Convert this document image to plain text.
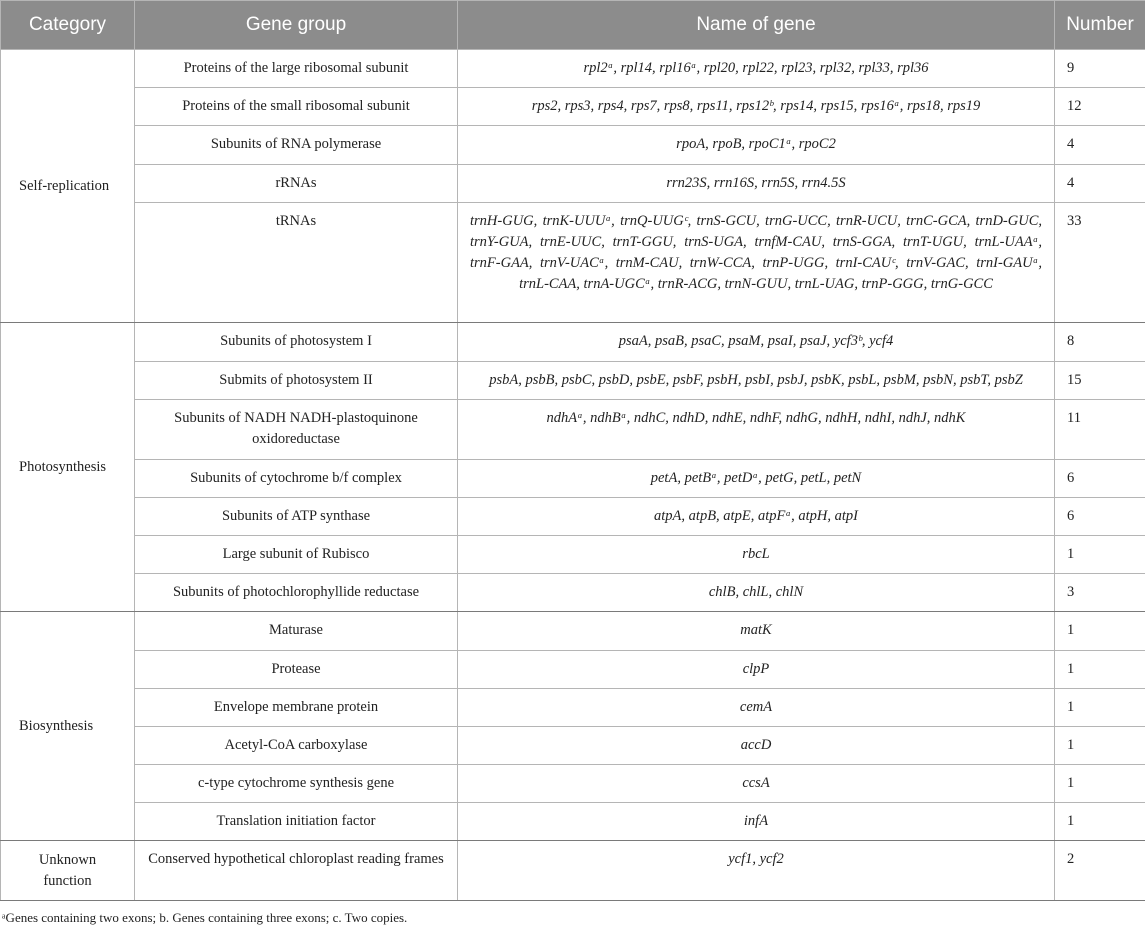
Category	Gene group	Name of gene	Number
Self-replication	Proteins of the large ribosomal subunit	rpl2ᵃ, rpl14, rpl16ᵃ, rpl20, rpl22, rpl23, rpl32, rpl33, rpl36	9

	Proteins of the small ribosomal subunit	rps2, rps3, rps4, rps7, rps8, rps11, rps12ᵇ, rps14, rps15, rps16ᵃ, rps18, rps19	12

	Subunits of RNA polymerase	rpoA, rpoB, rpoC1ᵃ, rpoC2	4

	rRNAs	rrn23S, rrn16S, rrn5S, rrn4.5S	4

	tRNAs	trnH-GUG, trnK-UUUᵃ, trnQ-UUGᶜ, trnS-GCU, trnG-UCC, trnR-UCU, trnC-GCA, trnD-GUC, trnY-GUA, trnE-UUC, trnT-GGU, trnS-UGA, trnfM-CAU, trnS-GGA, trnT-UGU, trnL-UAAᵃ, trnF-GAA, trnV-UACᵃ, trnM-CAU, trnW-CCA, trnP-UGG, trnI-CAUᶜ, trnV-GAC, trnI-GAUᵃ, trnL-CAA, trnA-UGCᵃ, trnR-ACG, trnN-GUU, trnL-UAG, trnP-GGG, trnG-GCC	33

Photosynthesis	Subunits of photosystem I	psaA, psaB, psaC, psaM, psaI, psaJ, ycf3ᵇ, ycf4	8

	Submits of photosystem II	psbA, psbB, psbC, psbD, psbE, psbF, psbH, psbI, psbJ, psbK, psbL, psbM, psbN, psbT, psbZ	15

	Subunits of NADH NADH-plastoquinone oxidoreductase	ndhAᵃ, ndhBᵃ, ndhC, ndhD, ndhE, ndhF, ndhG, ndhH, ndhI, ndhJ, ndhK	11

	Subunits of cytochrome b/f complex	petA, petBᵃ, petDᵃ, petG, petL, petN	6

	Subunits of ATP synthase	atpA, atpB, atpE, atpFᵃ, atpH, atpI	6

	Large subunit of Rubisco	rbcL	1

	Subunits of photochlorophyllide reductase	chlB, chlL, chlN	3

Biosynthesis	Maturase	matK	1

	Protease	clpP	1

	Envelope membrane protein	cemA	1

	Acetyl-CoA carboxylase	accD	1

	c-type cytochrome synthesis gene	ccsA	1

	Translation initiation factor	infA	1

Unknown function	Conserved hypothetical chloroplast reading frames	ycf1, ycf2	2
ᵃGenes containing two exons; b. Genes containing three exons; c. Two copies.
